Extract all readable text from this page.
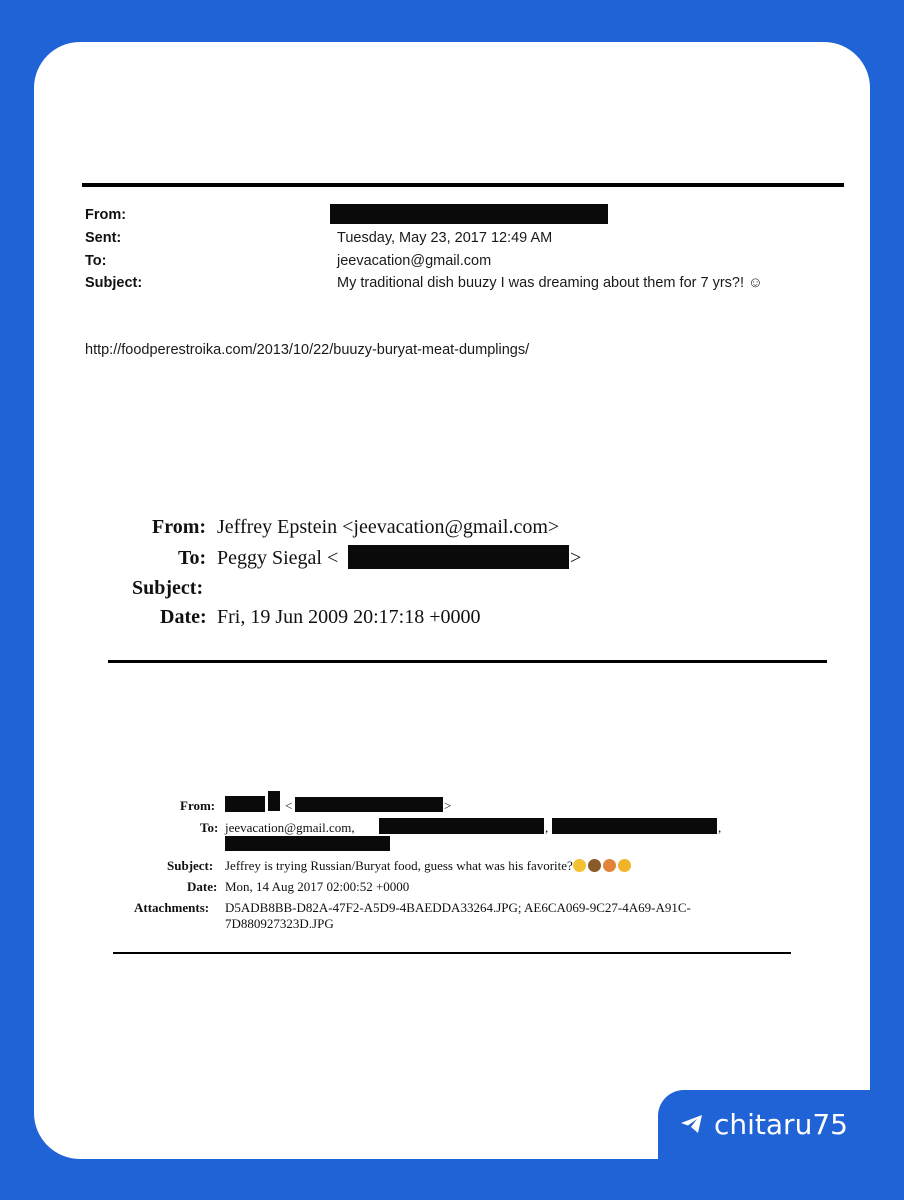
From:
Sent:	Tuesday, May 23, 2017 12:49 AM
To:	jeevacation@gmail.com
Subject:	My traditional dish buuzy I was dreaming about them for 7 yrs?! ☺
http://foodperestroika.com/2013/10/22/buuzy-buryat-meat-dumplings/
From: Jeffrey Epstein <jeevacation@gmail.com>
To: Peggy Siegal <	>
Subject:
Date: Fri, 19 Jun 2009 20:17:18 +0000
From:	<	>
To: jeevacation@gmail.com,	,	,
Subject: Jeffrey is trying Russian/Buryat food, guess what was his favorite?
Date: Mon, 14 Aug 2017 02:00:52 +0000
Attachments: D5ADB8BB-D82A-47F2-A5D9-4BAEDDA33264.JPG; AE6CA069-9C27-4A69-A91C-
7D880927323D.JPG
chitaru75
